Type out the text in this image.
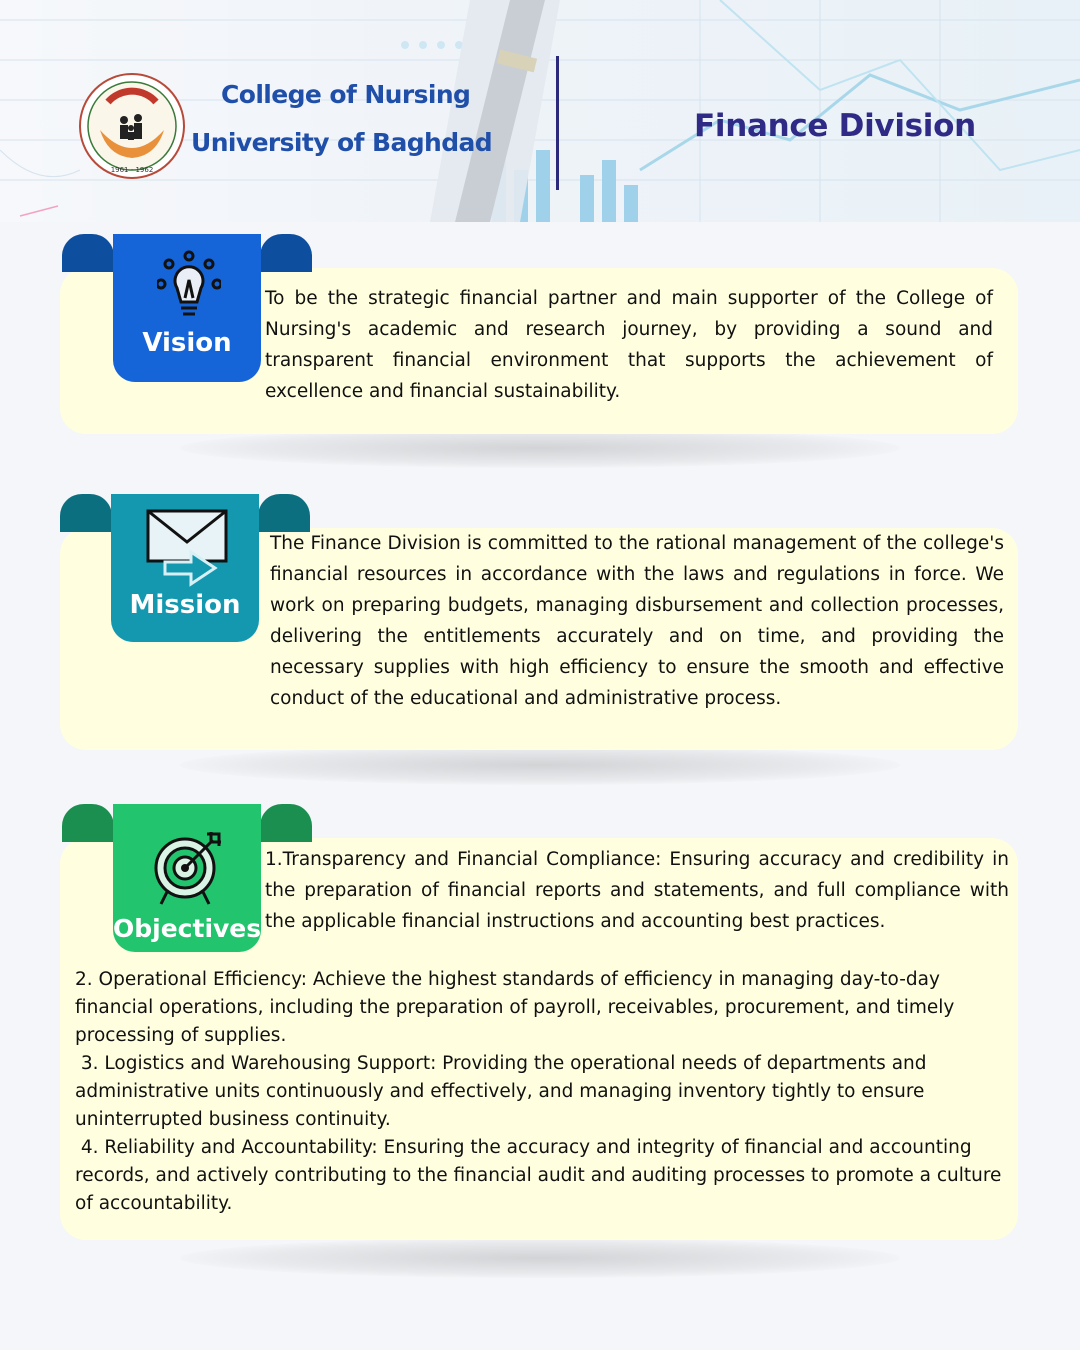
1961 - 1962
College of Nursing
University of Baghdad	Finance Division
Vision
To be the strategic financial partner and main supporter of the College of Nursing's academic and research journey, by providing a sound and transparent financial environment that supports the achievement of excellence and financial sustainability.
Mission
The Finance Division is committed to the rational management of the college's financial resources in accordance with the laws and regulations in force. We work on preparing budgets, managing disbursement and collection processes, delivering the entitlements accurately and on time, and providing the necessary supplies with high efficiency to ensure the smooth and effective conduct of the educational and administrative process.
Objectives
1.Transparency and Financial Compliance: Ensuring accuracy and credibility in the preparation of financial reports and statements, and full compliance with the applicable financial instructions and accounting best practices.

2. Operational Efficiency: Achieve the highest standards of efficiency in managing day-to-day financial operations, including the preparation of payroll, receivables, procurement, and timely processing of supplies.

3. Logistics and Warehousing Support: Providing the operational needs of departments and administrative units continuously and effectively, and managing inventory tightly to ensure uninterrupted business continuity.

4. Reliability and Accountability: Ensuring the accuracy and integrity of financial and accounting records, and actively contributing to the financial audit and auditing processes to promote a culture of accountability.
